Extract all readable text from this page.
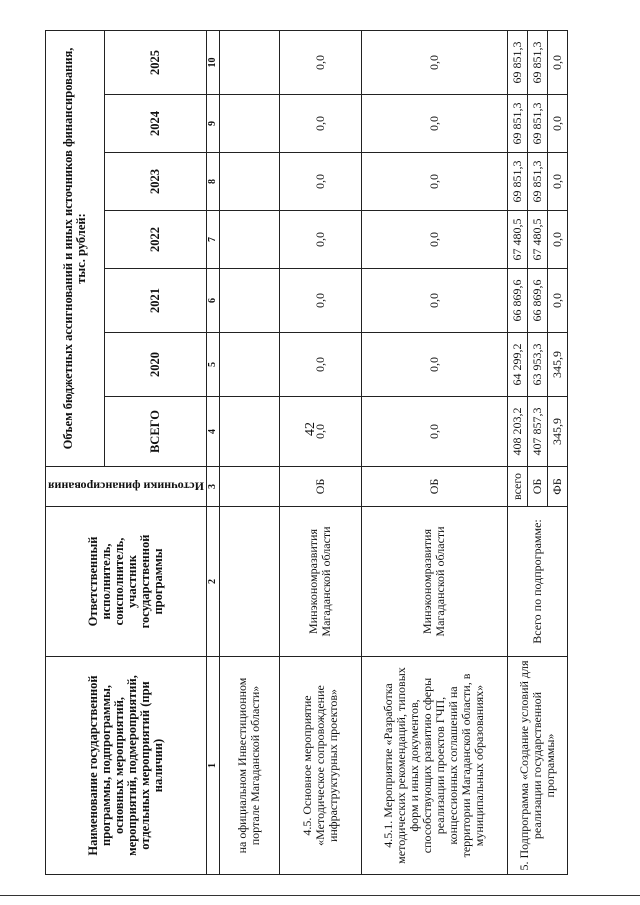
42
Наименование государственной программы, подпрограммы, основных мероприятий, мероприятий, подмероприятий, отдельных мероприятий (при наличии)	Ответственный исполнитель, соисполнитель, участник государственной программы	Источники финансирования	Объем бюджетных ассигнований и иных источников финансирования, тыс. рублей:						
			ВСЕГО	2020	2021	2022	2023	2024	2025
1	2	3	4	5	6	7	8	9	10
на официальном Инвестиционном портале Магаданской области»									
4.5. Основное мероприятие «Методическое сопровождение инфраструктурных проектов»	Минэкономразвития Магаданской области	ОБ	0,0	0,0	0,0	0,0	0,0	0,0	0,0
4.5.1. Мероприятие «Разработка методических рекомендаций, типовых форм и иных документов, способствующих развитию сферы реализации проектов ГЧП, концессионных соглашений на территории Магаданской области, в муниципальных образованиях»	Минэкономразвития Магаданской области	ОБ	0,0	0,0	0,0	0,0	0,0	0,0	0,0
5. Подпрограмма «Создание условий для реализации государственной программы»	Всего по подпрограмме:	всего	408 203,2	64 299,2	66 869,6	67 480,5	69 851,3	69 851,3	69 851,3
		ОБ	407 857,3	63 953,3	66 869,6	67 480,5	69 851,3	69 851,3	69 851,3
		ФБ	345,9	345,9	0,0	0,0	0,0	0,0	0,0
